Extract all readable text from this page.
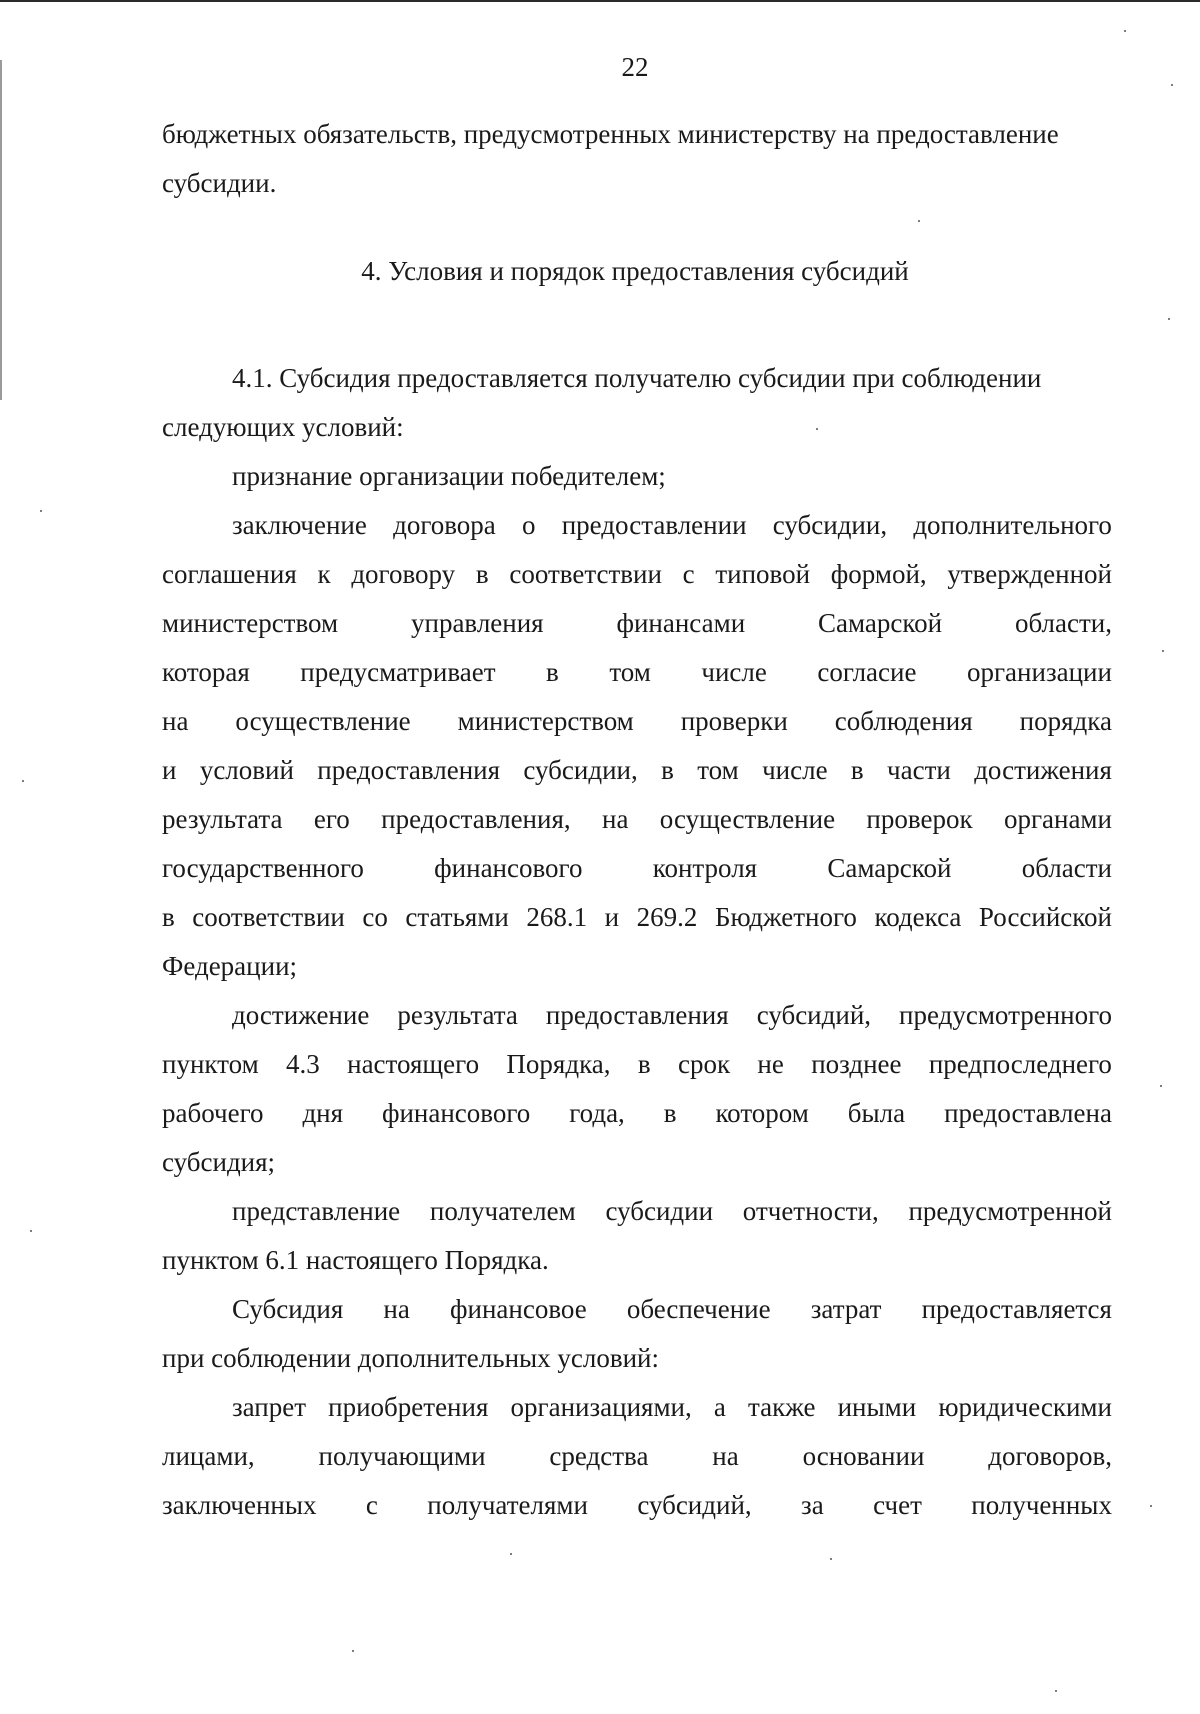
22
бюджетных обязательств, предусмотренных министерству на предоставление
субсидии.
4. Условия и порядок предоставления субсидий
4.1. Субсидия предоставляется получателю субсидии при соблюдении
следующих условий:
признание организации победителем;
заключение договора о предоставлении субсидии, дополнительного
соглашения к договору в соответствии с типовой формой, утвержденной
министерством	управления	финансами	Самарской	области,
которая предусматривает в том числе согласие организации
на осуществление министерством проверки соблюдения порядка
и условий предоставления субсидии, в том числе в части достижения
результата его предоставления, на осуществление проверок органами
государственного	финансового	контроля	Самарской	области
в соответствии со статьями 268.1 и 269.2 Бюджетного кодекса Российской
Федерации;
достижение результата предоставления субсидий, предусмотренного
пунктом 4.3 настоящего Порядка, в срок не позднее предпоследнего
рабочего дня финансового года, в котором была предоставлена
субсидия;
представление получателем субсидии отчетности, предусмотренной
пунктом 6.1 настоящего Порядка.
Субсидия на финансовое обеспечение затрат предоставляется
при соблюдении дополнительных условий:
запрет приобретения организациями, а также иными юридическими
лицами, получающими средства на основании договоров,
заключенных с получателями субсидий, за счет полученных
